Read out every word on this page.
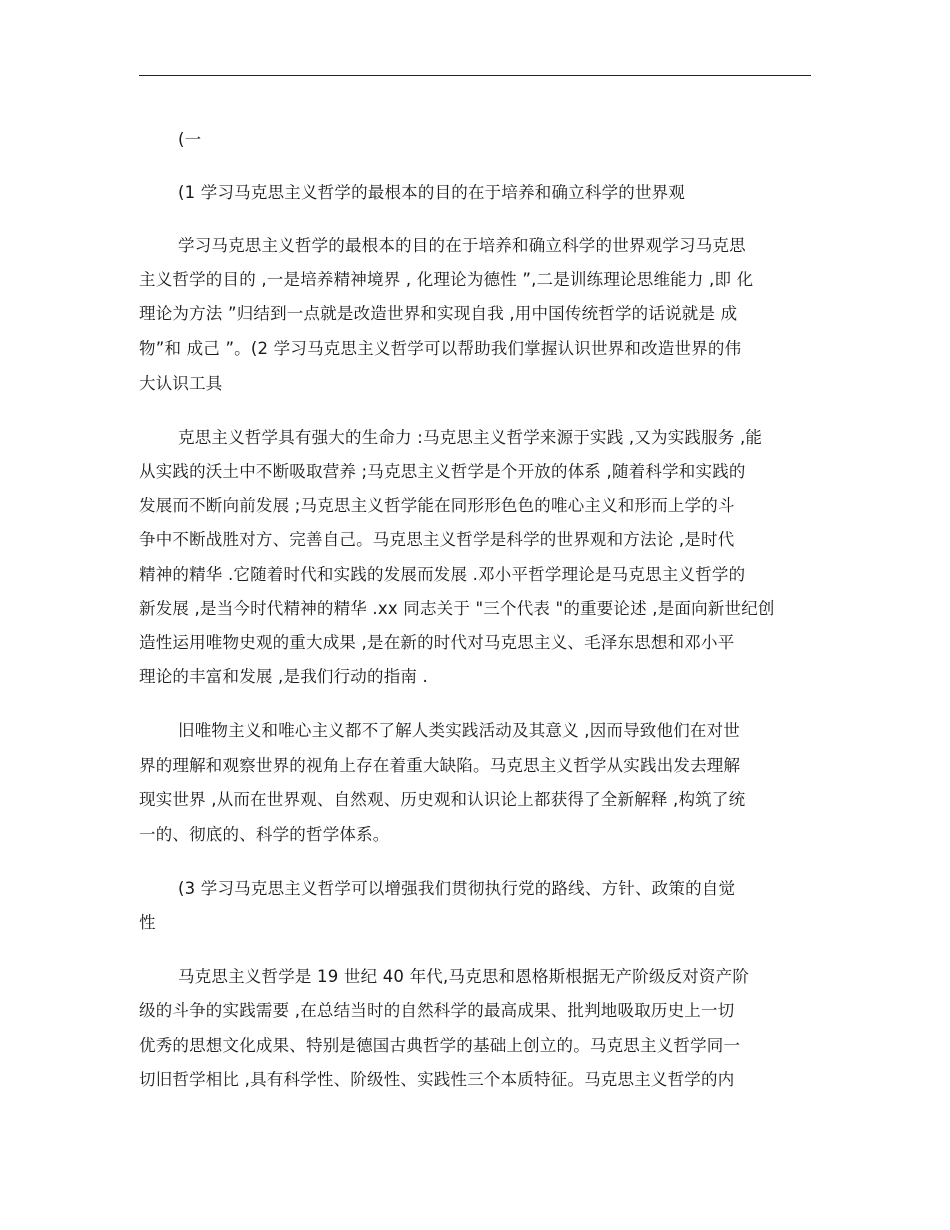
(一
(1 学习马克思主义哲学的最根本的目的在于培养和确立科学的世界观
学习马克思主义哲学的最根本的目的在于培养和确立科学的世界观学习马克思
主义哲学的目的 ,一是培养精神境界 , 化理论为德性 ”,二是训练理论思维能力 ,即 化
理论为方法 ”归结到一点就是改造世界和实现自我 ,用中国传统哲学的话说就是 成
物”和 成己 ”。(2 学习马克思主义哲学可以帮助我们掌握认识世界和改造世界的伟
大认识工具
克思主义哲学具有强大的生命力 :马克思主义哲学来源于实践 ,又为实践服务 ,能
从实践的沃土中不断吸取营养 ;马克思主义哲学是个开放的体系 ,随着科学和实践的
发展而不断向前发展 ;马克思主义哲学能在同形形色色的唯心主义和形而上学的斗
争中不断战胜对方、完善自己。马克思主义哲学是科学的世界观和方法论 ,是时代
精神的精华 .它随着时代和实践的发展而发展 .邓小平哲学理论是马克思主义哲学的
新发展 ,是当今时代精神的精华 .xx 同志关于 "三个代表 "的重要论述 ,是面向新世纪创
造性运用唯物史观的重大成果 ,是在新的时代对马克思主义、毛泽东思想和邓小平
理论的丰富和发展 ,是我们行动的指南 .
旧唯物主义和唯心主义都不了解人类实践活动及其意义 ,因而导致他们在对世
界的理解和观察世界的视角上存在着重大缺陷。马克思主义哲学从实践出发去理解
现实世界 ,从而在世界观、自然观、历史观和认识论上都获得了全新解释 ,构筑了统
一的、彻底的、科学的哲学体系。
(3 学习马克思主义哲学可以增强我们贯彻执行党的路线、方针、政策的自觉
性
马克思主义哲学是 19 世纪 40 年代,马克思和恩格斯根据无产阶级反对资产阶
级的斗争的实践需要 ,在总结当时的自然科学的最高成果、批判地吸取历史上一切
优秀的思想文化成果、特别是德国古典哲学的基础上创立的。马克思主义哲学同一
切旧哲学相比 ,具有科学性、阶级性、实践性三个本质特征。马克思主义哲学的内
